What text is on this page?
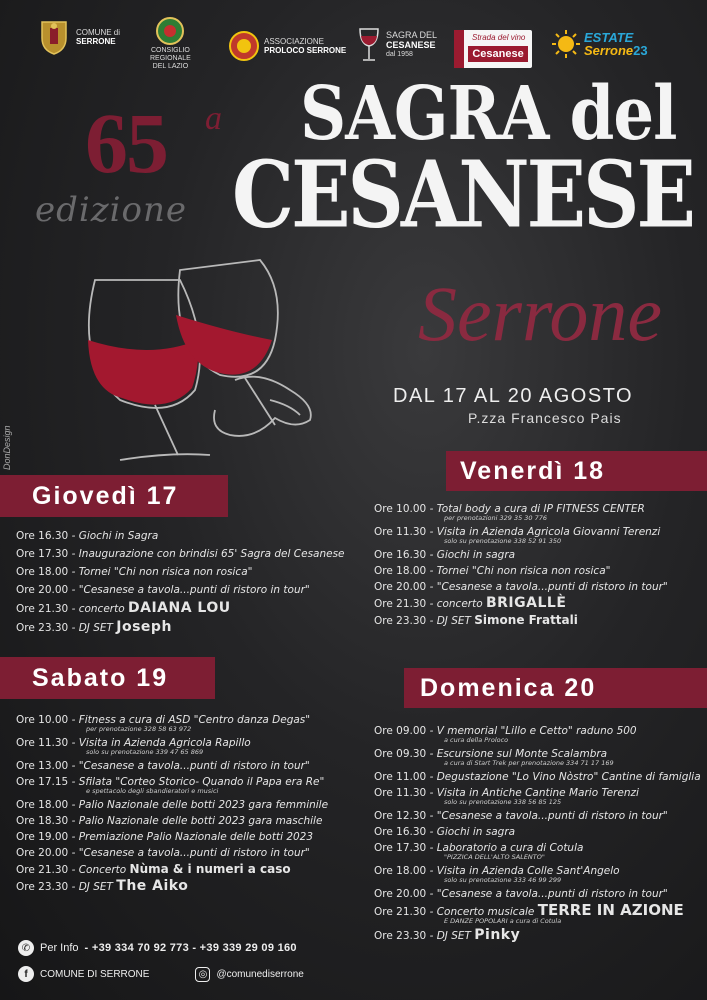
COMUNE di
SERRONE
CONSIGLIO
REGIONALE
DEL LAZIO
ASSOCIAZIONE
PROLOCO SERRONE
SAGRA DEL
CESANESE
dal 1958
Strada del vino
Cesanese
ESTATE
Serrone23
65 a
edizione
SAGRA del
CESANESE
Serrone
DAL 17 AL 20 AGOSTO
P.zza Francesco Pais
DonDesign
Giovedì 17
Venerdì 18
Sabato 19	Domenica 20
Ore 16.30 - Giochi in Sagra
Ore 17.30 - Inaugurazione con brindisi 65' Sagra del Cesanese
Ore 18.00 - Tornei "Chi non risica non rosica"
Ore 20.00 - "Cesanese a tavola...punti di ristoro in tour"
Ore 21.30 - concerto DAIANA LOU
Ore 23.30 - DJ SET Joseph
Ore 10.00 - Total body a cura di IP FITNESS CENTER
per prenotazioni 329 35 30 776
Ore 11.30 - Visita in Azienda Agricola Giovanni Terenzi
solo su prenotazione 338 52 91 350
Ore 16.30 - Giochi in sagra
Ore 18.00 - Tornei "Chi non risica non rosica"
Ore 20.00 - "Cesanese a tavola...punti di ristoro in tour"
Ore 21.30 - concerto BRIGALLÈ
Ore 23.30 - DJ SET Simone Frattali
Ore 10.00 - Fitness a cura di ASD "Centro danza Degas"
per prenotazione 328 58 63 972
Ore 11.30 - Visita in Azienda Agricola Rapillo
solo su prenotazione 339 47 65 869
Ore 13.00 - "Cesanese a tavola...punti di ristoro in tour"
Ore 17.15 - Sfilata "Corteo Storico- Quando il Papa era Re"
e spettacolo degli sbandieratori e musici
Ore 18.00 - Palio Nazionale delle botti 2023 gara femminile
Ore 18.30 - Palio Nazionale delle botti 2023 gara maschile
Ore 19.00 - Premiazione Palio Nazionale delle botti 2023
Ore 20.00 - "Cesanese a tavola...punti di ristoro in tour"
Ore 21.30 - Concerto Nùma & i numeri a caso
Ore 23.30 - DJ SET The Aiko
Ore 09.00 - V memorial "Lillo e Cetto" raduno 500
a cura della Proloco
Ore 09.30 - Escursione sul Monte Scalambra
a cura di Start Trek per prenotazione 334 71 17 169
Ore 11.00 - Degustazione "Lo Vino Nòstro" Cantine di famiglia
Ore 11.30 - Visita in Antiche Cantine Mario Terenzi
solo su prenotazione 338 56 85 125
Ore 12.30 - "Cesanese a tavola...punti di ristoro in tour"
Ore 16.30 - Giochi in sagra
Ore 17.30 - Laboratorio a cura di Cotula
"PIZZICA DELL'ALTO SALENTO"
Ore 18.00 - Visita in Azienda Colle Sant'Angelo
solo su prenotazione 333 46 99 299
Ore 20.00 - "Cesanese a tavola...punti di ristoro in tour"
Ore 21.30 - Concerto musicale TERRE IN AZIONE
E DANZE POPOLARI a cura di Cotula
Ore 23.30 - DJ SET Pinky
✆ Per Info - +39 334 70 92 773 - +39 339 29 09 160
f	COMUNE DI SERRONE	◎ @comunediserrone
